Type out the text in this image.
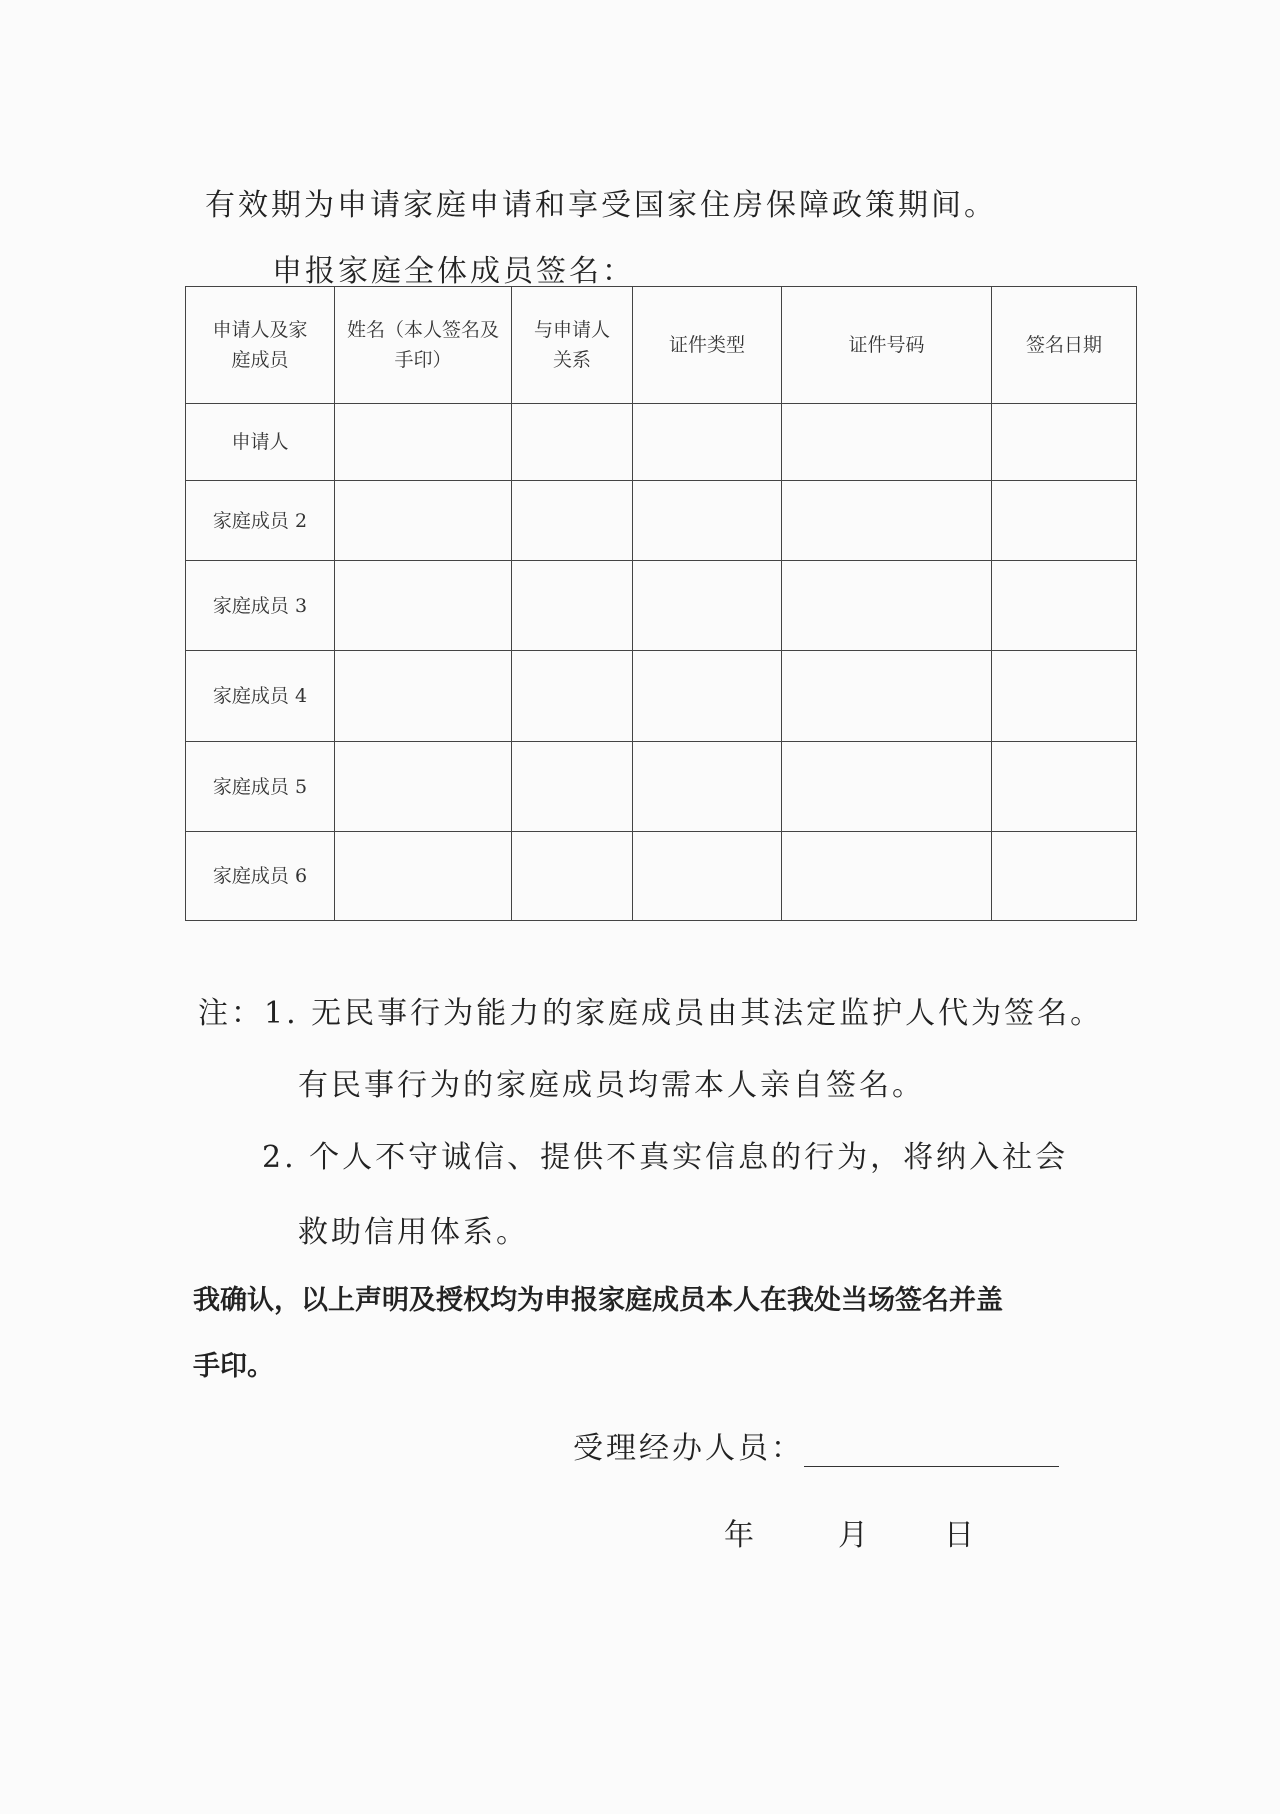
有效期为申请家庭申请和享受国家住房保障政策期间。
申报家庭全体成员签名：
申请人及家庭成员	姓名（本人签名及手印）	与申请人关系	证件类型	证件号码	签名日期
申请人					
家庭成员 2					
家庭成员 3					
家庭成员 4					
家庭成员 5					
家庭成员 6					
注：1. 无民事行为能力的家庭成员由其法定监护人代为签名。
有民事行为的家庭成员均需本人亲自签名。
2. 个人不守诚信、提供不真实信息的行为，将纳入社会
救助信用体系。
我确认，以上声明及授权均为申报家庭成员本人在我处当场签名并盖
手印。
受理经办人员：
年	月 日
